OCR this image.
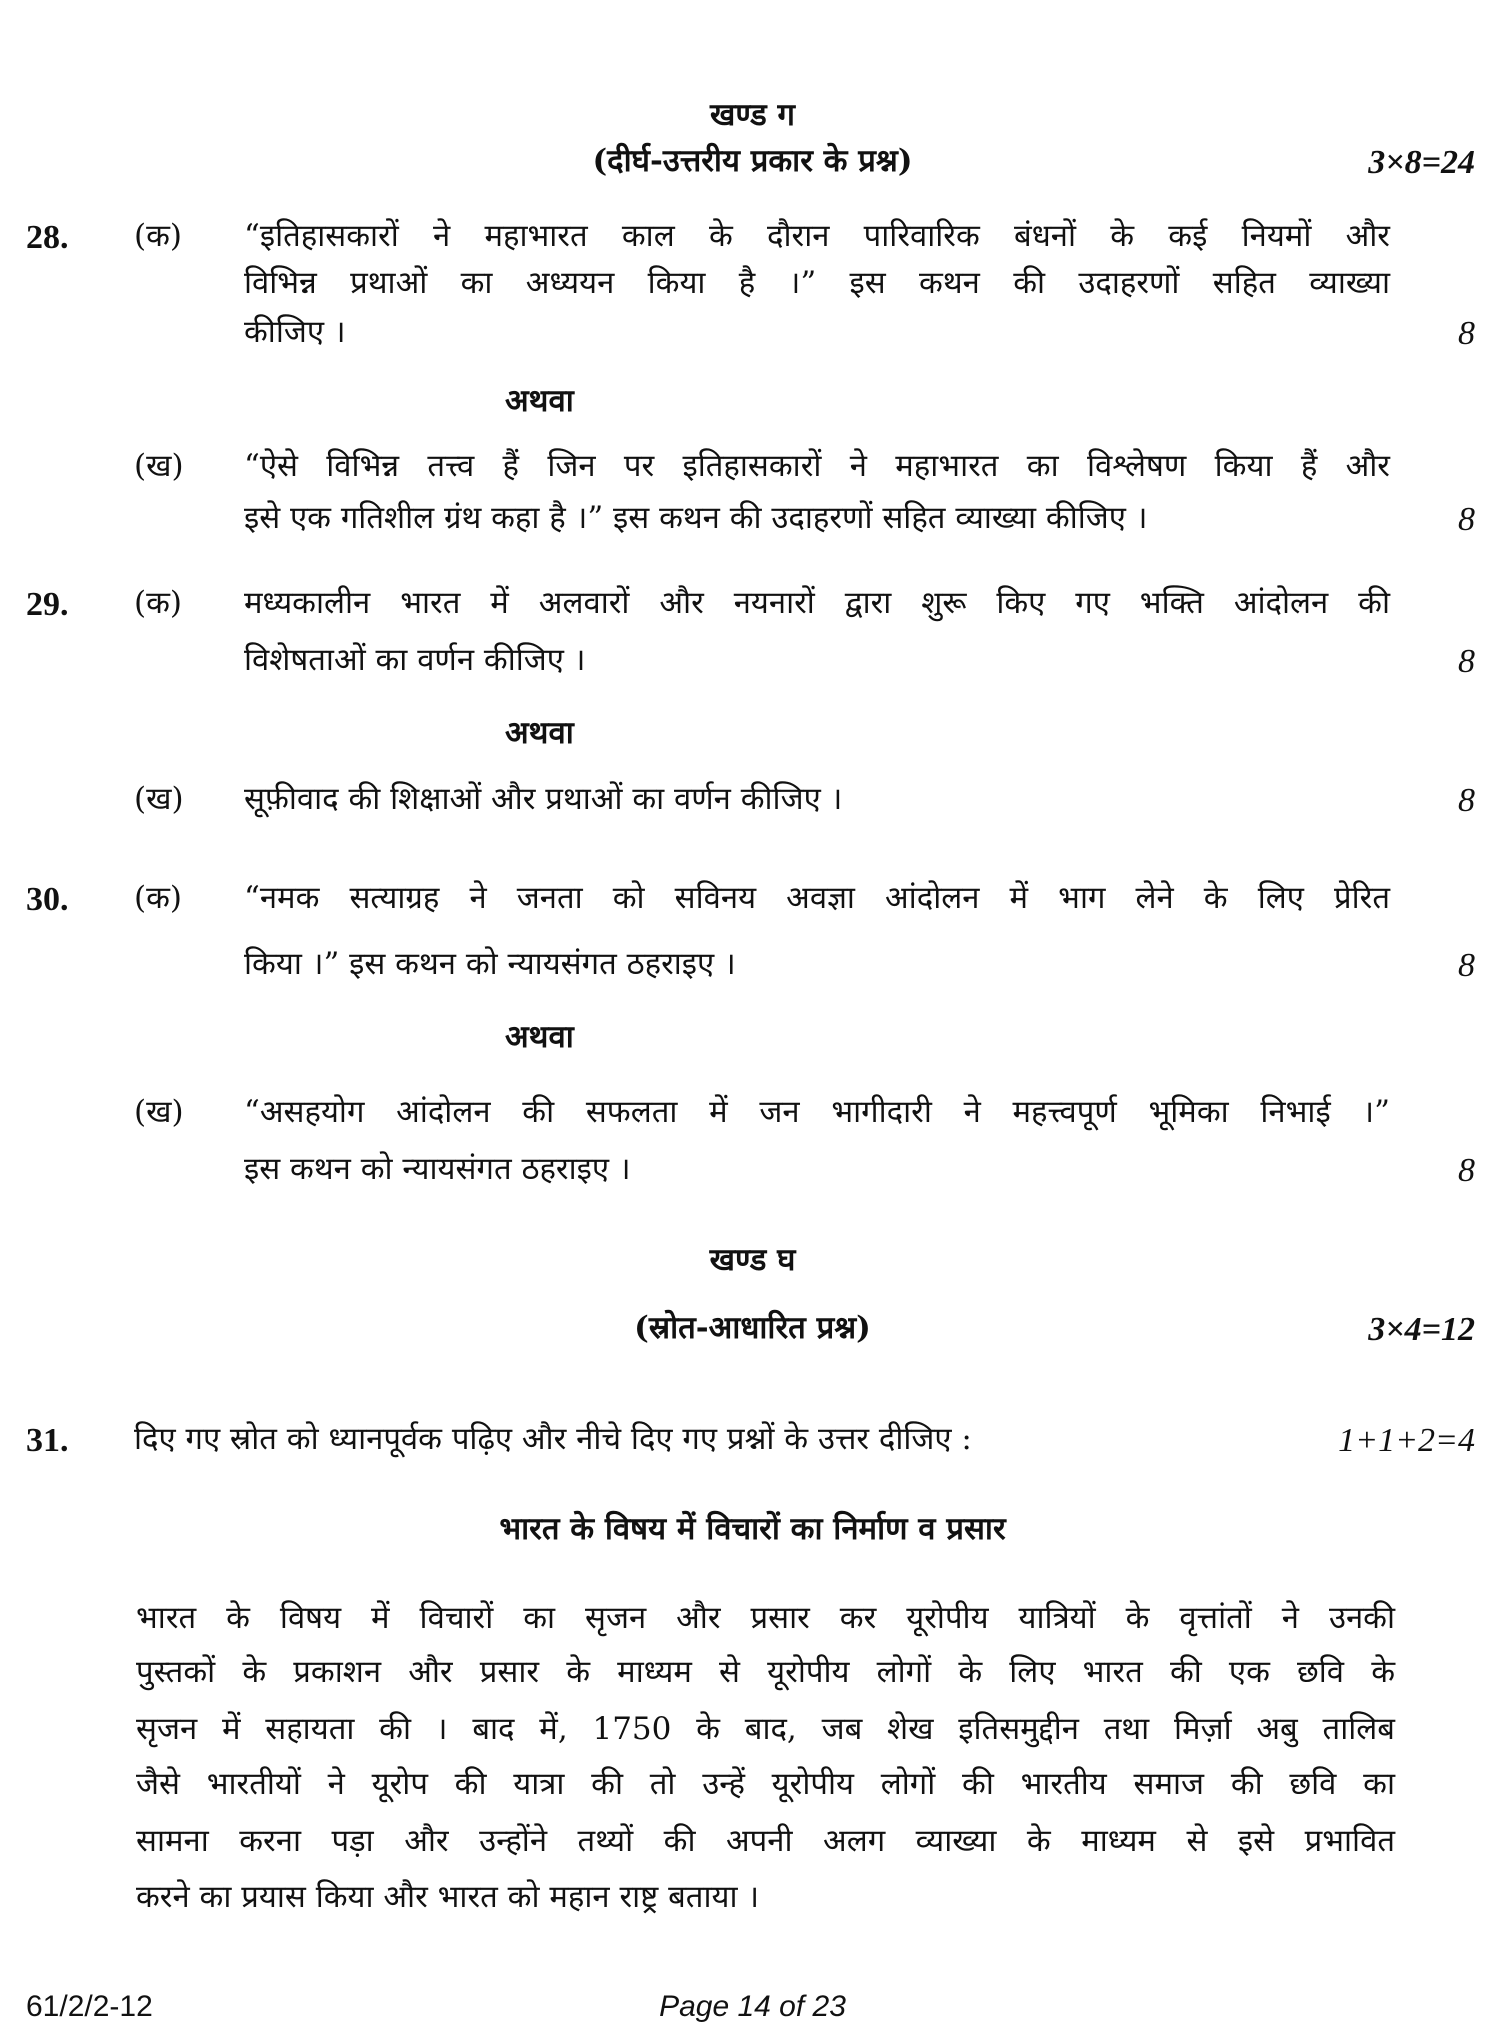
खण्ड ग
(दीर्घ-उत्तरीय प्रकार के प्रश्न)	3×8=24
28. (क) “इतिहासकारों ने महाभारत काल के दौरान पारिवारिक बंधनों के कई नियमों और
विभिन्न प्रथाओं का अध्ययन किया है ।” इस कथन की उदाहरणों सहित व्याख्या
कीजिए ।	8
अथवा
(ख) “ऐसे विभिन्न तत्त्व हैं जिन पर इतिहासकारों ने महाभारत का विश्लेषण किया हैं और
इसे एक गतिशील ग्रंथ कहा है ।” इस कथन की उदाहरणों सहित व्याख्या कीजिए ।	8
29. (क) मध्यकालीन भारत में अलवारों और नयनारों द्वारा शुरू किए गए भक्ति आंदोलन की
विशेषताओं का वर्णन कीजिए ।	8
अथवा
(ख) सूफ़ीवाद की शिक्षाओं और प्रथाओं का वर्णन कीजिए ।	8
30. (क) “नमक सत्याग्रह ने जनता को सविनय अवज्ञा आंदोलन में भाग लेने के लिए प्रेरित
किया ।” इस कथन को न्यायसंगत ठहराइए ।	8
अथवा
(ख) “असहयोग आंदोलन की सफलता में जन भागीदारी ने महत्त्वपूर्ण भूमिका निभाई ।”
इस कथन को न्यायसंगत ठहराइए ।	8
खण्ड घ
(स्रोत-आधारित प्रश्न)	3×4=12
31. दिए गए स्रोत को ध्यानपूर्वक पढ़िए और नीचे दिए गए प्रश्नों के उत्तर दीजिए :	1+1+2=4
भारत के विषय में विचारों का निर्माण व प्रसार
भारत के विषय में विचारों का सृजन और प्रसार कर यूरोपीय यात्रियों के वृत्तांतों ने उनकी
पुस्तकों के प्रकाशन और प्रसार के माध्यम से यूरोपीय लोगों के लिए भारत की एक छवि के
सृजन में सहायता की । बाद में, 1750 के बाद, जब शेख इतिसमुद्दीन तथा मिर्ज़ा अबु तालिब
जैसे भारतीयों ने यूरोप की यात्रा की तो उन्हें यूरोपीय लोगों की भारतीय समाज की छवि का
सामना करना पड़ा और उन्होंने तथ्यों की अपनी अलग व्याख्या के माध्यम से इसे प्रभावित
करने का प्रयास किया और भारत को महान राष्ट्र बताया ।
61/2/2-12	Page 14 of 23
